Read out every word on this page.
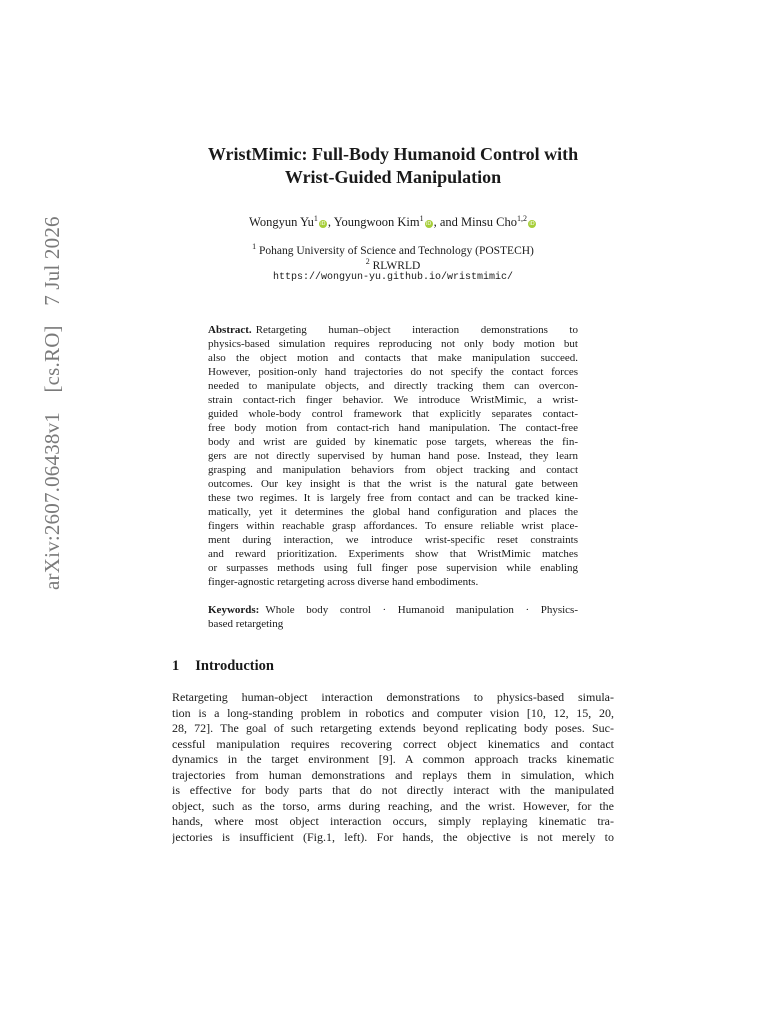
arXiv:2607.06438v1 [cs.RO] 7 Jul 2026
WristMimic: Full-Body Humanoid Control with
Wrist-Guided Manipulation
Wongyun Yu$^1$iD , Youngwoon Kim$^1$iD , and Minsu Cho$^{1,2}$iD
$^1$ Pohang University of Science and Technology (POSTECH)
$^2$ RLWRLD
https://wongyun-yu.github.io/wristmimic/
Abstract. Retargeting human–object interaction demonstrations to
physics-based simulation requires reproducing not only body motion but
also the object motion and contacts that make manipulation succeed.
However, position-only hand trajectories do not specify the contact forces
needed to manipulate objects, and directly tracking them can overcon-
strain contact-rich finger behavior. We introduce WristMimic, a wrist-
guided whole-body control framework that explicitly separates contact-
free body motion from contact-rich hand manipulation. The contact-free
body and wrist are guided by kinematic pose targets, whereas the fin-
gers are not directly supervised by human hand pose. Instead, they learn
grasping and manipulation behaviors from object tracking and contact
outcomes. Our key insight is that the wrist is the natural gate between
these two regimes. It is largely free from contact and can be tracked kine-
matically, yet it determines the global hand configuration and places the
fingers within reachable grasp affordances. To ensure reliable wrist place-
ment during interaction, we introduce wrist-specific reset constraints
and reward prioritization. Experiments show that WristMimic matches
or surpasses methods using full finger pose supervision while enabling
finger-agnostic retargeting across diverse hand embodiments.
Keywords: Whole body control · Humanoid manipulation · Physics-
based retargeting
1 Introduction
Retargeting human-object interaction demonstrations to physics-based simula-
tion is a long-standing problem in robotics and computer vision [10, 12, 15, 20,
28, 72]. The goal of such retargeting extends beyond replicating body poses. Suc-
cessful manipulation requires recovering correct object kinematics and contact
dynamics in the target environment [9]. A common approach tracks kinematic
trajectories from human demonstrations and replays them in simulation, which
is effective for body parts that do not directly interact with the manipulated
object, such as the torso, arms during reaching, and the wrist. However, for the
hands, where most object interaction occurs, simply replaying kinematic tra-
jectories is insufficient (Fig.1, left). For hands, the objective is not merely to
